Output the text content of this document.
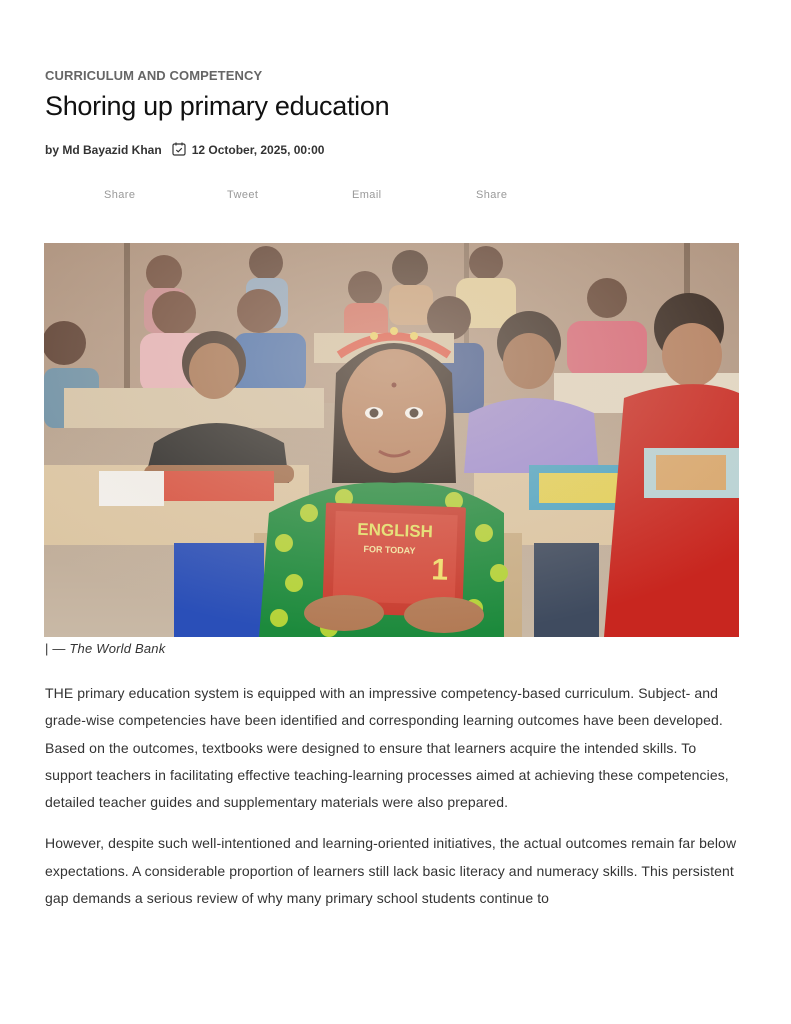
CURRICULUM AND COMPETENCY
Shoring up primary education
by Md Bayazid Khan	12 October, 2025, 00:00
Share	Tweet	Email	Share
| — The World Bank

THE primary education system is equipped with an impressive competency-based curriculum. Subject- and grade-wise competencies have been identified and corresponding learning outcomes have been developed. Based on the outcomes, textbooks were designed to ensure that learners acquire the intended skills. To support teachers in facilitating effective teaching-learning processes aimed at achieving these competencies, detailed teacher guides and supplementary materials were also prepared.

However, despite such well-intentioned and learning-oriented initiatives, the actual outcomes remain far below expectations. A considerable proportion of learners still lack basic literacy and numeracy skills. This persistent gap demands a serious review of why many primary school students continue to
